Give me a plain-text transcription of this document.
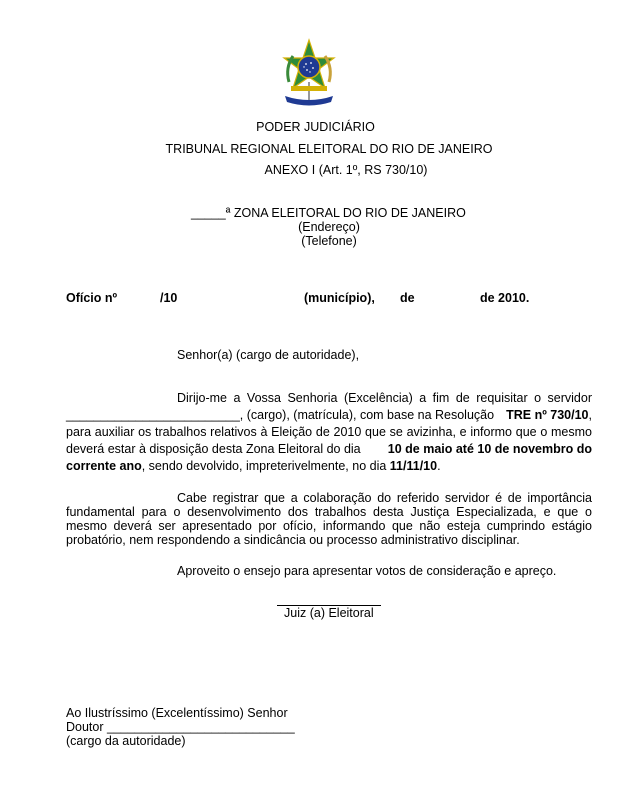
PODER JUDICIÁRIO
TRIBUNAL REGIONAL ELEITORAL DO RIO DE JANEIRO
ANEXO I (Art. 1º, RS 730/10)
_____ª ZONA ELEITORAL DO RIO DE JANEIRO
(Endereço)
(Telefone)
Ofício nº	/10	(município), de	de 2010.
Senhor(a) (cargo de autoridade),
Dirijo-me a Vossa Senhoria (Excelência) a fim de requisitar o servidor
_________________________, (cargo), (matrícula), com base na Resolução TRE nº 730/10,
para auxiliar os trabalhos relativos à Eleição de 2010 que se avizinha, e informo que o mesmo
deverá estar à disposição desta Zona Eleitoral do dia 10 de maio até 10 de novembro do
corrente ano, sendo devolvido, impreterivelmente, no dia 11/11/10.
Cabe registrar que a colaboração do referido servidor é de importância
fundamental para o desenvolvimento dos trabalhos desta Justiça Especializada, e que o
mesmo deverá ser apresentado por ofício, informando que não esteja cumprindo estágio
probatório, nem respondendo a sindicância ou processo administrativo disciplinar.
Aproveito o ensejo para apresentar votos de consideração e apreço.
Juiz (a) Eleitoral
Ao Ilustríssimo (Excelentíssimo) Senhor
Doutor ___________________________
(cargo da autoridade)
